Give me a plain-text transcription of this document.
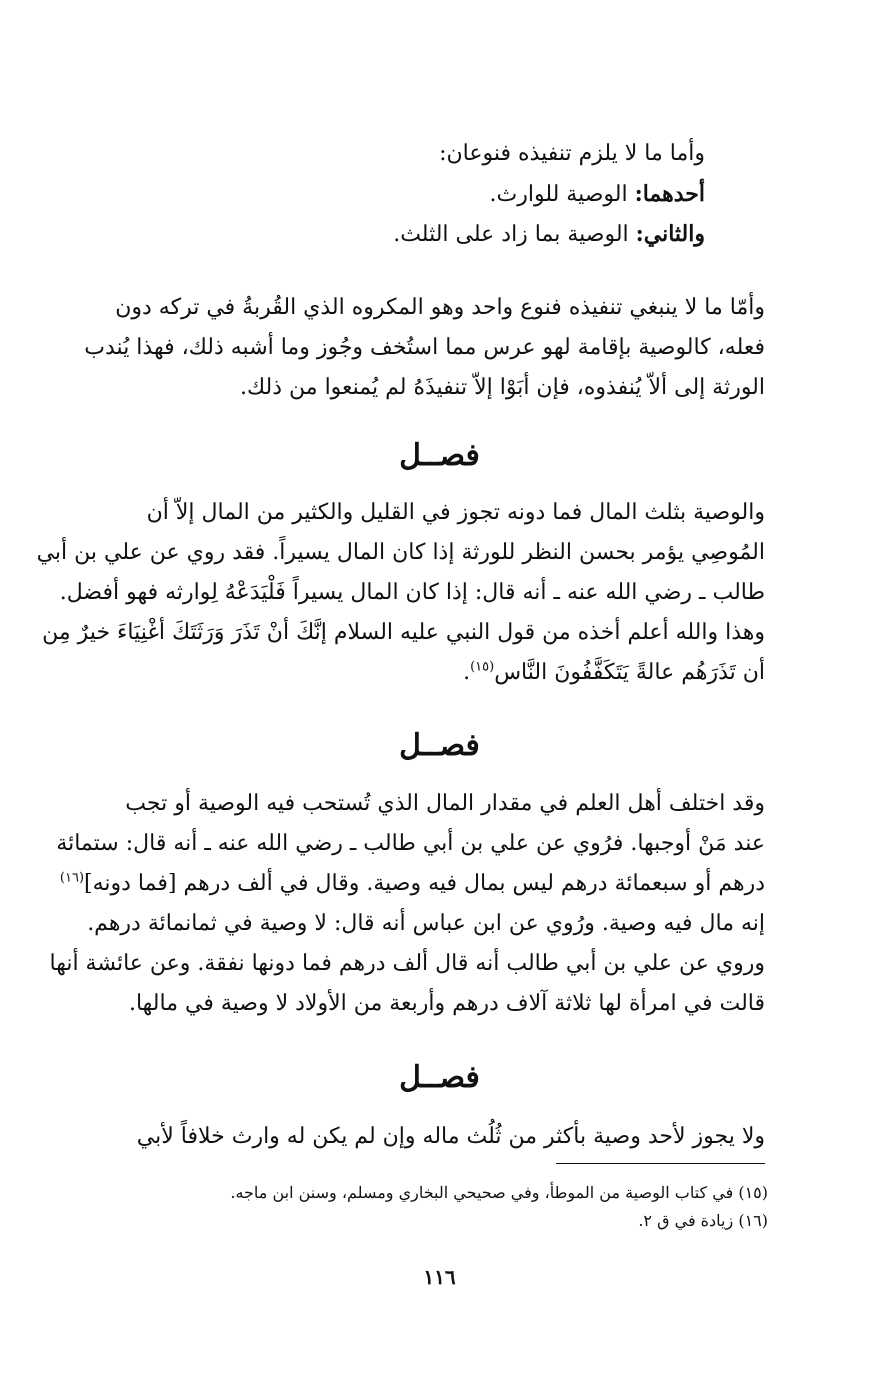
وأما ما لا يلزم تنفيذه فنوعان:
أحدهما: الوصية للوارث.
والثاني: الوصية بما زاد على الثلث.
وأمّا ما لا ينبغي تنفيذه فنوع واحد وهو المكروه الذي القُربةُ في تركه دون
فعله، كالوصية بإقامة لهو عرس مما استُخف وجُوز وما أشبه ذلك، فهذا يُندب
الورثة إلى ألاّ يُنفذوه، فإن أبَوْا إلاّ تنفيذَهُ لم يُمنعوا من ذلك.
فصــل
والوصية بثلث المال فما دونه تجوز في القليل والكثير من المال إلاّ أن
المُوصِي يؤمر بحسن النظر للورثة إذا كان المال يسيراً. فقد روي عن علي بن أبي
طالب ـ رضي الله عنه ـ أنه قال: إذا كان المال يسيراً فَلْيَدَعْهُ لِوارثه فهو أفضل.
وهذا والله أعلم أخذه من قول النبي عليه السلام إنَّكَ أنْ تَذَرَ وَرَثَتَكَ أغْنِيَاءَ خيرٌ مِن
أن تَذَرَهُم عالةً يَتَكَفَّفُونَ النَّاس$^{(١٥)}$.
فصــل
وقد اختلف أهل العلم في مقدار المال الذي تُستحب فيه الوصية أو تجب
عند مَنْ أوجبها. فرُوي عن علي بن أبي طالب ـ رضي الله عنه ـ أنه قال: ستمائة
درهم أو سبعمائة درهم ليس بمال فيه وصية. وقال في ألف درهم [فما دونه]$^{(١٦)}$
إنه مال فيه وصية. ورُوي عن ابن عباس أنه قال: لا وصية في ثمانمائة درهم.
وروي عن علي بن أبي طالب أنه قال ألف درهم فما دونها نفقة. وعن عائشة أنها
قالت في امرأة لها ثلاثة آلاف درهم وأربعة من الأولاد لا وصية في مالها.
فصــل
ولا يجوز لأحد وصية بأكثر من ثُلُث ماله وإن لم يكن له وارث خلافاً لأبي
(١٥) في كتاب الوصية من الموطأ، وفي صحيحي البخاري ومسلم، وسنن ابن ماجه.
(١٦) زيادة في ق ٢.
١١٦
